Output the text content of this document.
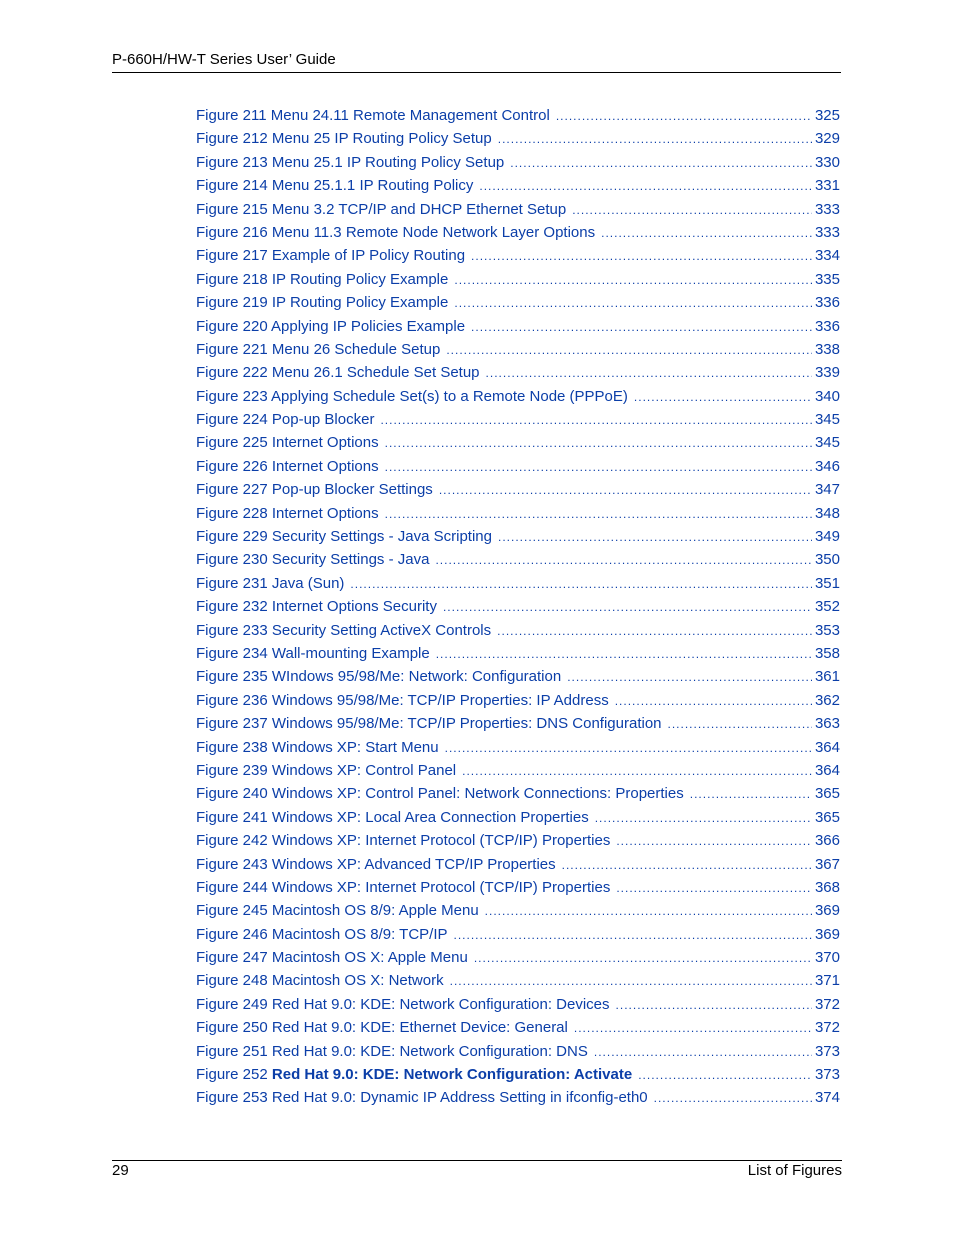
P-660H/HW-T Series User’ Guide
Figure 211 Menu 24.11 Remote Management Control .....	325
Figure 212 Menu 25 IP Routing Policy Setup .....	329
Figure 213 Menu 25.1 IP Routing Policy Setup .....	330
Figure 214 Menu 25.1.1 IP Routing Policy .....	331
Figure 215 Menu 3.2 TCP/IP and DHCP Ethernet Setup .....	333
Figure 216 Menu 11.3 Remote Node Network Layer Options .....	333
Figure 217 Example of IP Policy Routing .....	334
Figure 218 IP Routing Policy Example .....	335
Figure 219 IP Routing Policy Example .....	336
Figure 220 Applying IP Policies Example .....	336
Figure 221 Menu 26 Schedule Setup .....	338
Figure 222 Menu 26.1 Schedule Set Setup .....	339
Figure 223 Applying Schedule Set(s) to a Remote Node (PPPoE) .....	340
Figure 224 Pop-up Blocker .....	345
Figure 225 Internet Options .....	345
Figure 226 Internet Options .....	346
Figure 227 Pop-up Blocker Settings .....	347
Figure 228 Internet Options .....	348
Figure 229 Security Settings - Java Scripting .....	349
Figure 230 Security Settings - Java .....	350
Figure 231 Java (Sun) .....	351
Figure 232 Internet Options Security .....	352
Figure 233 Security Setting ActiveX Controls .....	353
Figure 234 Wall-mounting Example .....	358
Figure 235 WIndows 95/98/Me: Network: Configuration .....	361
Figure 236 Windows 95/98/Me: TCP/IP Properties: IP Address .....	362
Figure 237 Windows 95/98/Me: TCP/IP Properties: DNS Configuration .....	363
Figure 238 Windows XP: Start Menu .....	364
Figure 239 Windows XP: Control Panel .....	364
Figure 240 Windows XP: Control Panel: Network Connections: Properties .....	365
Figure 241 Windows XP: Local Area Connection Properties .....	365
Figure 242 Windows XP: Internet Protocol (TCP/IP) Properties .....	366
Figure 243 Windows XP: Advanced TCP/IP Properties .....	367
Figure 244 Windows XP: Internet Protocol (TCP/IP) Properties .....	368
Figure 245 Macintosh OS 8/9: Apple Menu .....	369
Figure 246 Macintosh OS 8/9: TCP/IP .....	369
Figure 247 Macintosh OS X: Apple Menu .....	370
Figure 248 Macintosh OS X: Network .....	371
Figure 249 Red Hat 9.0: KDE: Network Configuration: Devices .....	372
Figure 250 Red Hat 9.0: KDE: Ethernet Device: General .....	372
Figure 251 Red Hat 9.0: KDE: Network Configuration: DNS .....	373
Figure 252 Red Hat 9.0: KDE: Network Configuration: Activate .....	373
Figure 253 Red Hat 9.0: Dynamic IP Address Setting in ifconfig-eth0 .....	374
29	List of Figures
